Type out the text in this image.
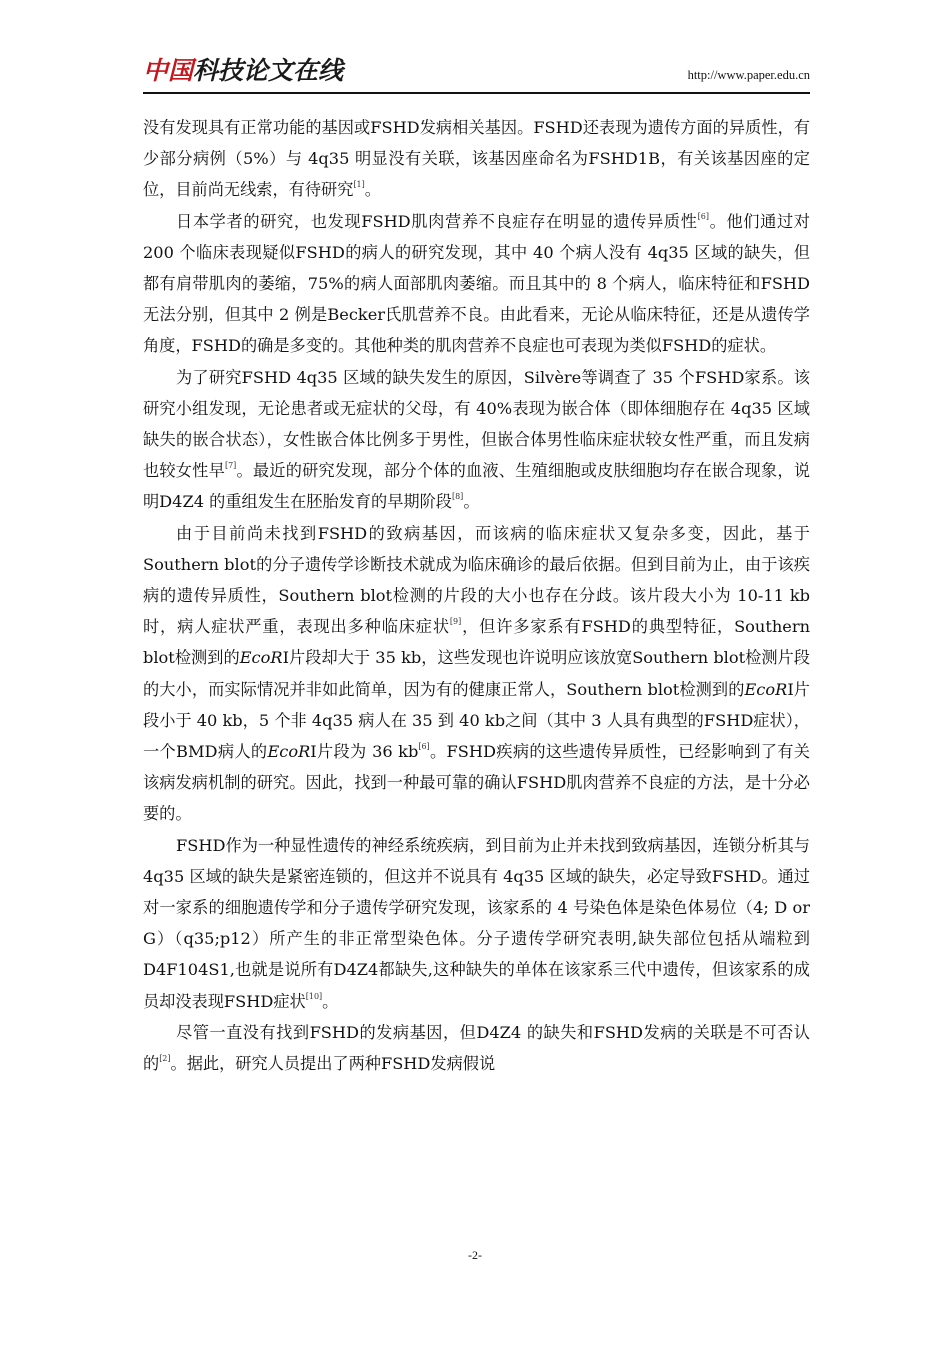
中国科技论文在线	http://www.paper.edu.cn

没有发现具有正常功能的基因或FSHD发病相关基因。FSHD还表现为遗传方面的异质性，有少部分病例（5%）与 4q35 明显没有关联，该基因座命名为FSHD1B，有关该基因座的定位，目前尚无线索，有待研究[1]。

日本学者的研究，也发现FSHD肌肉营养不良症存在明显的遗传异质性[6]。他们通过对 200 个临床表现疑似FSHD的病人的研究发现，其中 40 个病人没有 4q35 区域的缺失，但都有肩带肌肉的萎缩，75%的病人面部肌肉萎缩。而且其中的 8 个病人，临床特征和FSHD无法分别，但其中 2 例是Becker氏肌营养不良。由此看来，无论从临床特征，还是从遗传学角度，FSHD的确是多变的。其他种类的肌肉营养不良症也可表现为类似FSHD的症状。

为了研究FSHD 4q35 区域的缺失发生的原因，Silvère等调查了 35 个FSHD家系。该研究小组发现，无论患者或无症状的父母，有 40%表现为嵌合体（即体细胞存在 4q35 区域缺失的嵌合状态），女性嵌合体比例多于男性，但嵌合体男性临床症状较女性严重，而且发病也较女性早[7]。最近的研究发现，部分个体的血液、生殖细胞或皮肤细胞均存在嵌合现象，说明D4Z4 的重组发生在胚胎发育的早期阶段[8]。

由于目前尚未找到FSHD的致病基因，而该病的临床症状又复杂多变，因此，基于Southern blot的分子遗传学诊断技术就成为临床确诊的最后依据。但到目前为止，由于该疾病的遗传异质性，Southern blot检测的片段的大小也存在分歧。该片段大小为 10-11 kb时，病人症状严重，表现出多种临床症状[9]，但许多家系有FSHD的典型特征，Southern blot检测到的EcoRI片段却大于 35 kb，这些发现也许说明应该放宽Southern blot检测片段的大小，而实际情况并非如此简单，因为有的健康正常人，Southern blot检测到的EcoRI片段小于 40 kb，5 个非 4q35 病人在 35 到 40 kb之间（其中 3 人具有典型的FSHD症状），一个BMD病人的EcoRI片段为 36 kb[6]。FSHD疾病的这些遗传异质性，已经影响到了有关该病发病机制的研究。因此，找到一种最可靠的确认FSHD肌肉营养不良症的方法，是十分必要的。

FSHD作为一种显性遗传的神经系统疾病，到目前为止并未找到致病基因，连锁分析其与 4q35 区域的缺失是紧密连锁的，但这并不说具有 4q35 区域的缺失，必定导致FSHD。通过对一家系的细胞遗传学和分子遗传学研究发现，该家系的 4 号染色体是染色体易位（4; D or G）（q35;p12）所产生的非正常型染色体。分子遗传学研究表明,缺失部位包括从端粒到D4F104S1,也就是说所有D4Z4都缺失,这种缺失的单体在该家系三代中遗传，但该家系的成员却没表现FSHD症状[10]。

尽管一直没有找到FSHD的发病基因，但D4Z4 的缺失和FSHD发病的关联是不可否认的[2]。据此，研究人员提出了两种FSHD发病假说

-2-
